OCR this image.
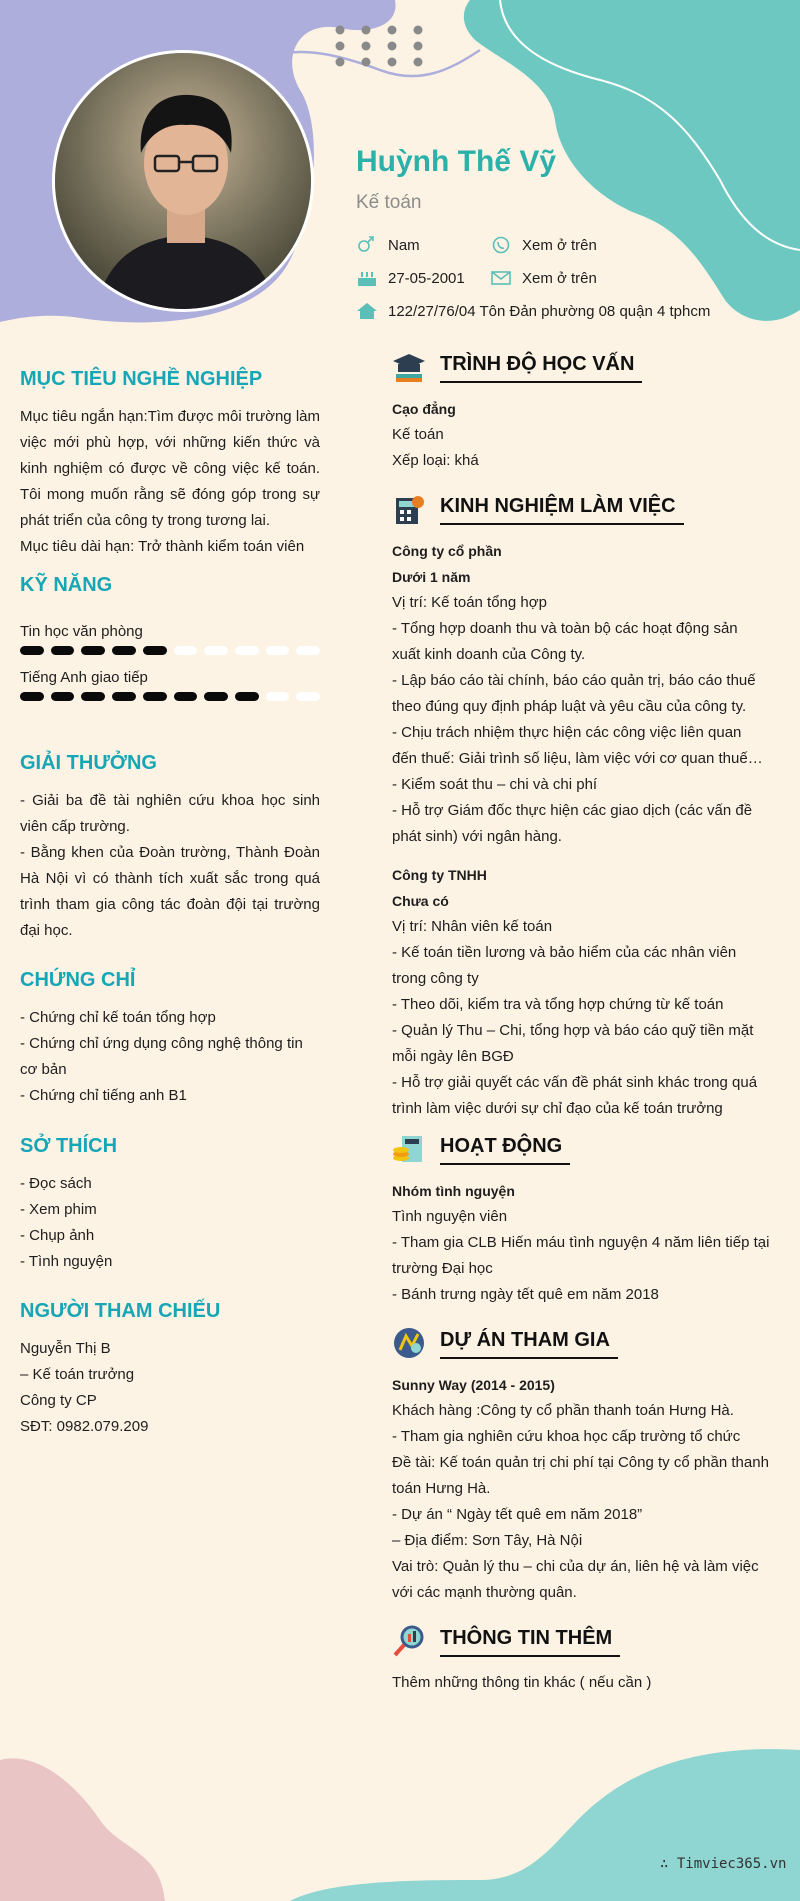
Huỳnh Thế Vỹ
Kế toán
Nam	Xem ở trên
27-05-2001	Xem ở trên
122/27/76/04 Tôn Đản phường 08 quận 4 tphcm
MỤC TIÊU NGHỀ NGHIỆP
Mục tiêu ngắn hạn:Tìm được môi trường làm việc mới phù hợp, với những kiến thức và kinh nghiệm có được về công việc kế toán. Tôi mong muốn rằng sẽ đóng góp trong sự phát triển của công ty trong tương lai.
Mục tiêu dài hạn: Trở thành kiểm toán viên
KỸ NĂNG
Tin học văn phòng
Tiếng Anh giao tiếp
GIẢI THƯỞNG
- Giải ba đề tài nghiên cứu khoa học sinh viên cấp trường.
- Bằng khen của Đoàn trường, Thành Đoàn Hà Nội vì có thành tích xuất sắc trong quá trình tham gia công tác đoàn đội tại trường đại học.
CHỨNG CHỈ
- Chứng chỉ kế toán tổng hợp
- Chứng chỉ ứng dụng công nghệ thông tin cơ bản
- Chứng chỉ tiếng anh B1
SỞ THÍCH
- Đọc sách
- Xem phim
- Chụp ảnh
- Tình nguyện
NGƯỜI THAM CHIẾU
Nguyễn Thị B
– Kế toán trưởng
Công ty CP
SĐT: 0982.079.209
TRÌNH ĐỘ HỌC VẤN
Cạo đẳng
Kế toán
Xếp loại: khá
KINH NGHIỆM LÀM VIỆC
Công ty cổ phần
Dưới 1 năm
Vị trí: Kế toán tổng hợp
- Tổng hợp doanh thu và toàn bộ các hoạt động sản xuất kinh doanh của Công ty.
- Lập báo cáo tài chính, báo cáo quản trị, báo cáo thuế theo đúng quy định pháp luật và yêu cầu của công ty.
- Chịu trách nhiệm thực hiện các công việc liên quan đến thuế: Giải trình số liệu, làm việc với cơ quan thuế…
- Kiểm soát thu – chi và chi phí
- Hỗ trợ Giám đốc thực hiện các giao dịch (các vấn đề phát sinh) với ngân hàng.
Công ty TNHH
Chưa có
Vị trí: Nhân viên kế toán
- Kế toán tiền lương và bảo hiểm của các nhân viên trong công ty
- Theo dõi, kiểm tra và tổng hợp chứng từ kế toán
- Quản lý Thu – Chi, tổng hợp và báo cáo quỹ tiền mặt mỗi ngày lên BGĐ
- Hỗ trợ giải quyết các vấn đề phát sinh khác trong quá trình làm việc dưới sự chỉ đạo của kế toán trưởng
HOẠT ĐỘNG
Nhóm tình nguyện
Tình nguyện viên
- Tham gia CLB Hiến máu tình nguyện 4 năm liên tiếp tại trường Đại học
- Bánh trưng ngày tết quê em năm 2018
DỰ ÁN THAM GIA
Sunny Way (2014 - 2015)
Khách hàng :Công ty cổ phần thanh toán Hưng Hà.
- Tham gia nghiên cứu khoa học cấp trường tổ chức
Đề tài: Kế toán quản trị chi phí tại Công ty cổ phần thanh toán Hưng Hà.
- Dự án “ Ngày tết quê em năm 2018”
– Địa điểm: Sơn Tây, Hà Nội
Vai trò: Quản lý thu – chi của dự án, liên hệ và làm việc với các mạnh thường quân.
THÔNG TIN THÊM
Thêm những thông tin khác ( nếu cần )
∴ Timviec365.vn
